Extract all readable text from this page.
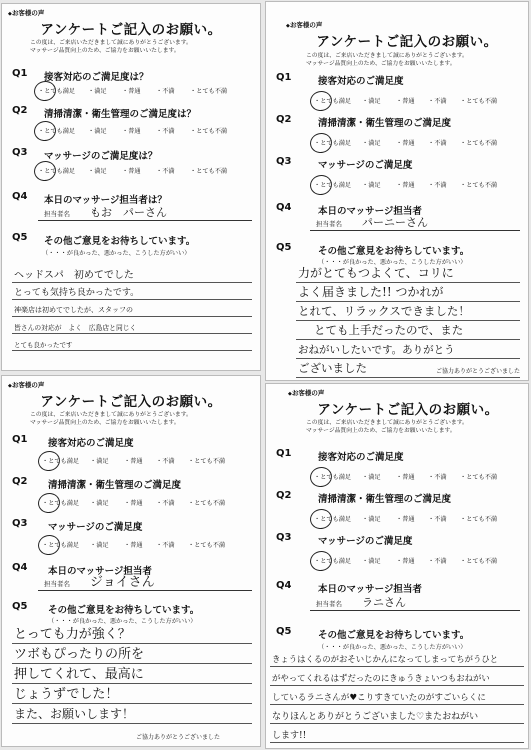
◆ お客様の声
アンケートご記入のお願い。
この度は、ご来店いただきまして誠にありがとうございます。
マッサージ品質向上のため、ご協力をお願いいたします。
Q1 接客対応のご満足度は？
・ とても満足	・ 満足	・ 普通	・ 不満	・ とても不満
Q2 清掃清潔・衛生管理のご満足度は？
・ とても満足	・ 満足	・ 普通	・ 不満	・ とても不満
Q3 マッサージのご満足度は？
・ とても満足	・ 満足	・ 普通	・ 不満	・ とても不満
Q4 本日のマッサージ担当者は？
担当者名 もお　パーさん
Q5 その他ご意見をお待ちしています。
（・・・が良かった、悪かった、こうした方がいい）
ヘッドスパ　初めてでした
とっても気持ち良かったです。
神楽店は初めてでしたが、スタッフの
皆さんの対応が　よく　広島店と同じく
とても良かったです
◆ お客様の声
アンケートご記入のお願い。
この度は、ご来店いただきまして誠にありがとうございます。
マッサージ品質向上のため、ご協力をお願いいたします。
Q1	接客対応のご満足度
・ とても満足	・ 満足	・ 普通	・ 不満	・ とても不満
Q2	清掃清潔・衛生管理のご満足度
・ とても満足	・ 満足	・ 普通	・ 不満	・ とても不満
Q3	マッサージのご満足度
・ とても満足	・ 満足	・ 普通	・ 不満	・ とても不満
Q4	本日のマッサージ担当者
担当者名 パーニーさん
Q5	その他ご意見をお待ちしています。
（・・・が良かった、悪かった、こうした方がいい）
力がとてもつよくて、コリに
よく届きました!! つかれが
とれて、リラックスできました！
とても上手だったので、また
おねがいしたいです。ありがとう
ございました	ご協力ありがとうございました
◆ お客様の声
アンケートご記入のお願い。
この度は、ご来店いただきまして誠にありがとうございます。
マッサージ品質向上のため、ご協力をお願いいたします。
Q1 接客対応のご満足度
・ とても満足	・ 満足	・ 普通	・ 不満	・ とても不満
Q2 清掃清潔・衛生管理のご満足度
・ とても満足	・ 満足	・ 普通	・ 不満	・ とても不満
Q3 マッサージのご満足度
・ とても満足	・ 満足	・ 普通	・ 不満	・ とても不満
Q4 本日のマッサージ担当者
担当者名 ジョイさん
Q5 その他ご意見をお待ちしています。
（・・・が良かった、悪かった、こうした方がいい）
とっても力が強く？
ツボもぴったりの所を
押してくれて、最高に
じょうずでした！
また、お願いします！
ご協力ありがとうございました
◆ お客様の声
アンケートご記入のお願い。
この度は、ご来店いただきまして誠にありがとうございます。
マッサージ品質向上のため、ご協力をお願いいたします。
Q1	接客対応のご満足度
・ とても満足	・ 満足	・ 普通	・ 不満	・ とても不満
Q2	清掃清潔・衛生管理のご満足度
・ とても満足	・ 満足	・ 普通	・ 不満	・ とても不満
Q3	マッサージのご満足度
・ とても満足	・ 満足	・ 普通	・ 不満	・ とても不満
Q4	本日のマッサージ担当者
担当者名 ラニさん
Q5	その他ご意見をお待ちしています。
（・・・が良かった、悪かった、こうした方がいい）
きょうはくるのがおそいじかんになってしまってちがうひと
がやってくれるはずだったのにきゅうきょいつもおねがい
しているラニさんが♥こりすきていたのがすごいらくに
なりほんとありがとうございました♡またおねがい
します!!
